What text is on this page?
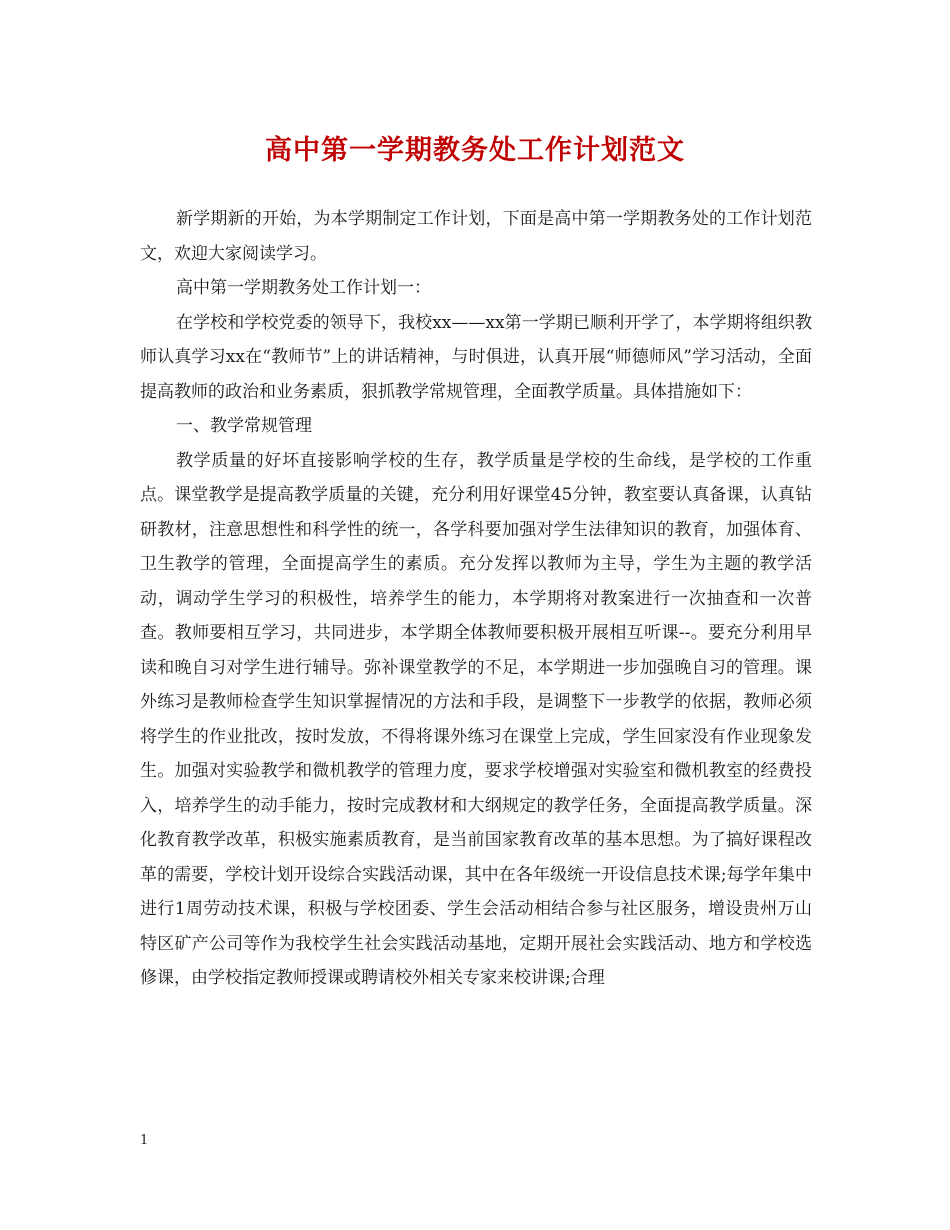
高中第一学期教务处工作计划范文

新学期新的开始，为本学期制定工作计划，下面是高中第一学期教务处的工作计划范文，欢迎大家阅读学习。

高中第一学期教务处工作计划一：

在学校和学校党委的领导下，我校xx——xx第一学期已顺利开学了，本学期将组织教师认真学习xx在“教师节”上的讲话精神，与时俱进，认真开展“师德师风”学习活动，全面提高教师的政治和业务素质，狠抓教学常规管理，全面教学质量。具体措施如下：

一、教学常规管理

教学质量的好坏直接影响学校的生存，教学质量是学校的生命线，是学校的工作重点。课堂教学是提高教学质量的关键，充分利用好课堂45分钟，教室要认真备课，认真钻研教材，注意思想性和科学性的统一，各学科要加强对学生法律知识的教育，加强体育、卫生教学的管理，全面提高学生的素质。充分发挥以教师为主导，学生为主题的教学活动，调动学生学习的积极性，培养学生的能力，本学期将对教案进行一次抽查和一次普查。教师要相互学习，共同进步，本学期全体教师要积极开展相互听课--。要充分利用早读和晚自习对学生进行辅导。弥补课堂教学的不足，本学期进一步加强晚自习的管理。课外练习是教师检查学生知识掌握情况的方法和手段，是调整下一步教学的依据，教师必须将学生的作业批改，按时发放，不得将课外练习在课堂上完成，学生回家没有作业现象发生。加强对实验教学和微机教学的管理力度，要求学校增强对实验室和微机教室的经费投入，培养学生的动手能力，按时完成教材和大纲规定的教学任务，全面提高教学质量。深化教育教学改革，积极实施素质教育，是当前国家教育改革的基本思想。为了搞好课程改革的需要，学校计划开设综合实践活动课，其中在各年级统一开设信息技术课;每学年集中进行1周劳动技术课，积极与学校团委、学生会活动相结合参与社区服务，增设贵州万山特区矿产公司等作为我校学生社会实践活动基地，定期开展社会实践活动、地方和学校选修课，由学校指定教师授课或聘请校外相关专家来校讲课;合理

1
